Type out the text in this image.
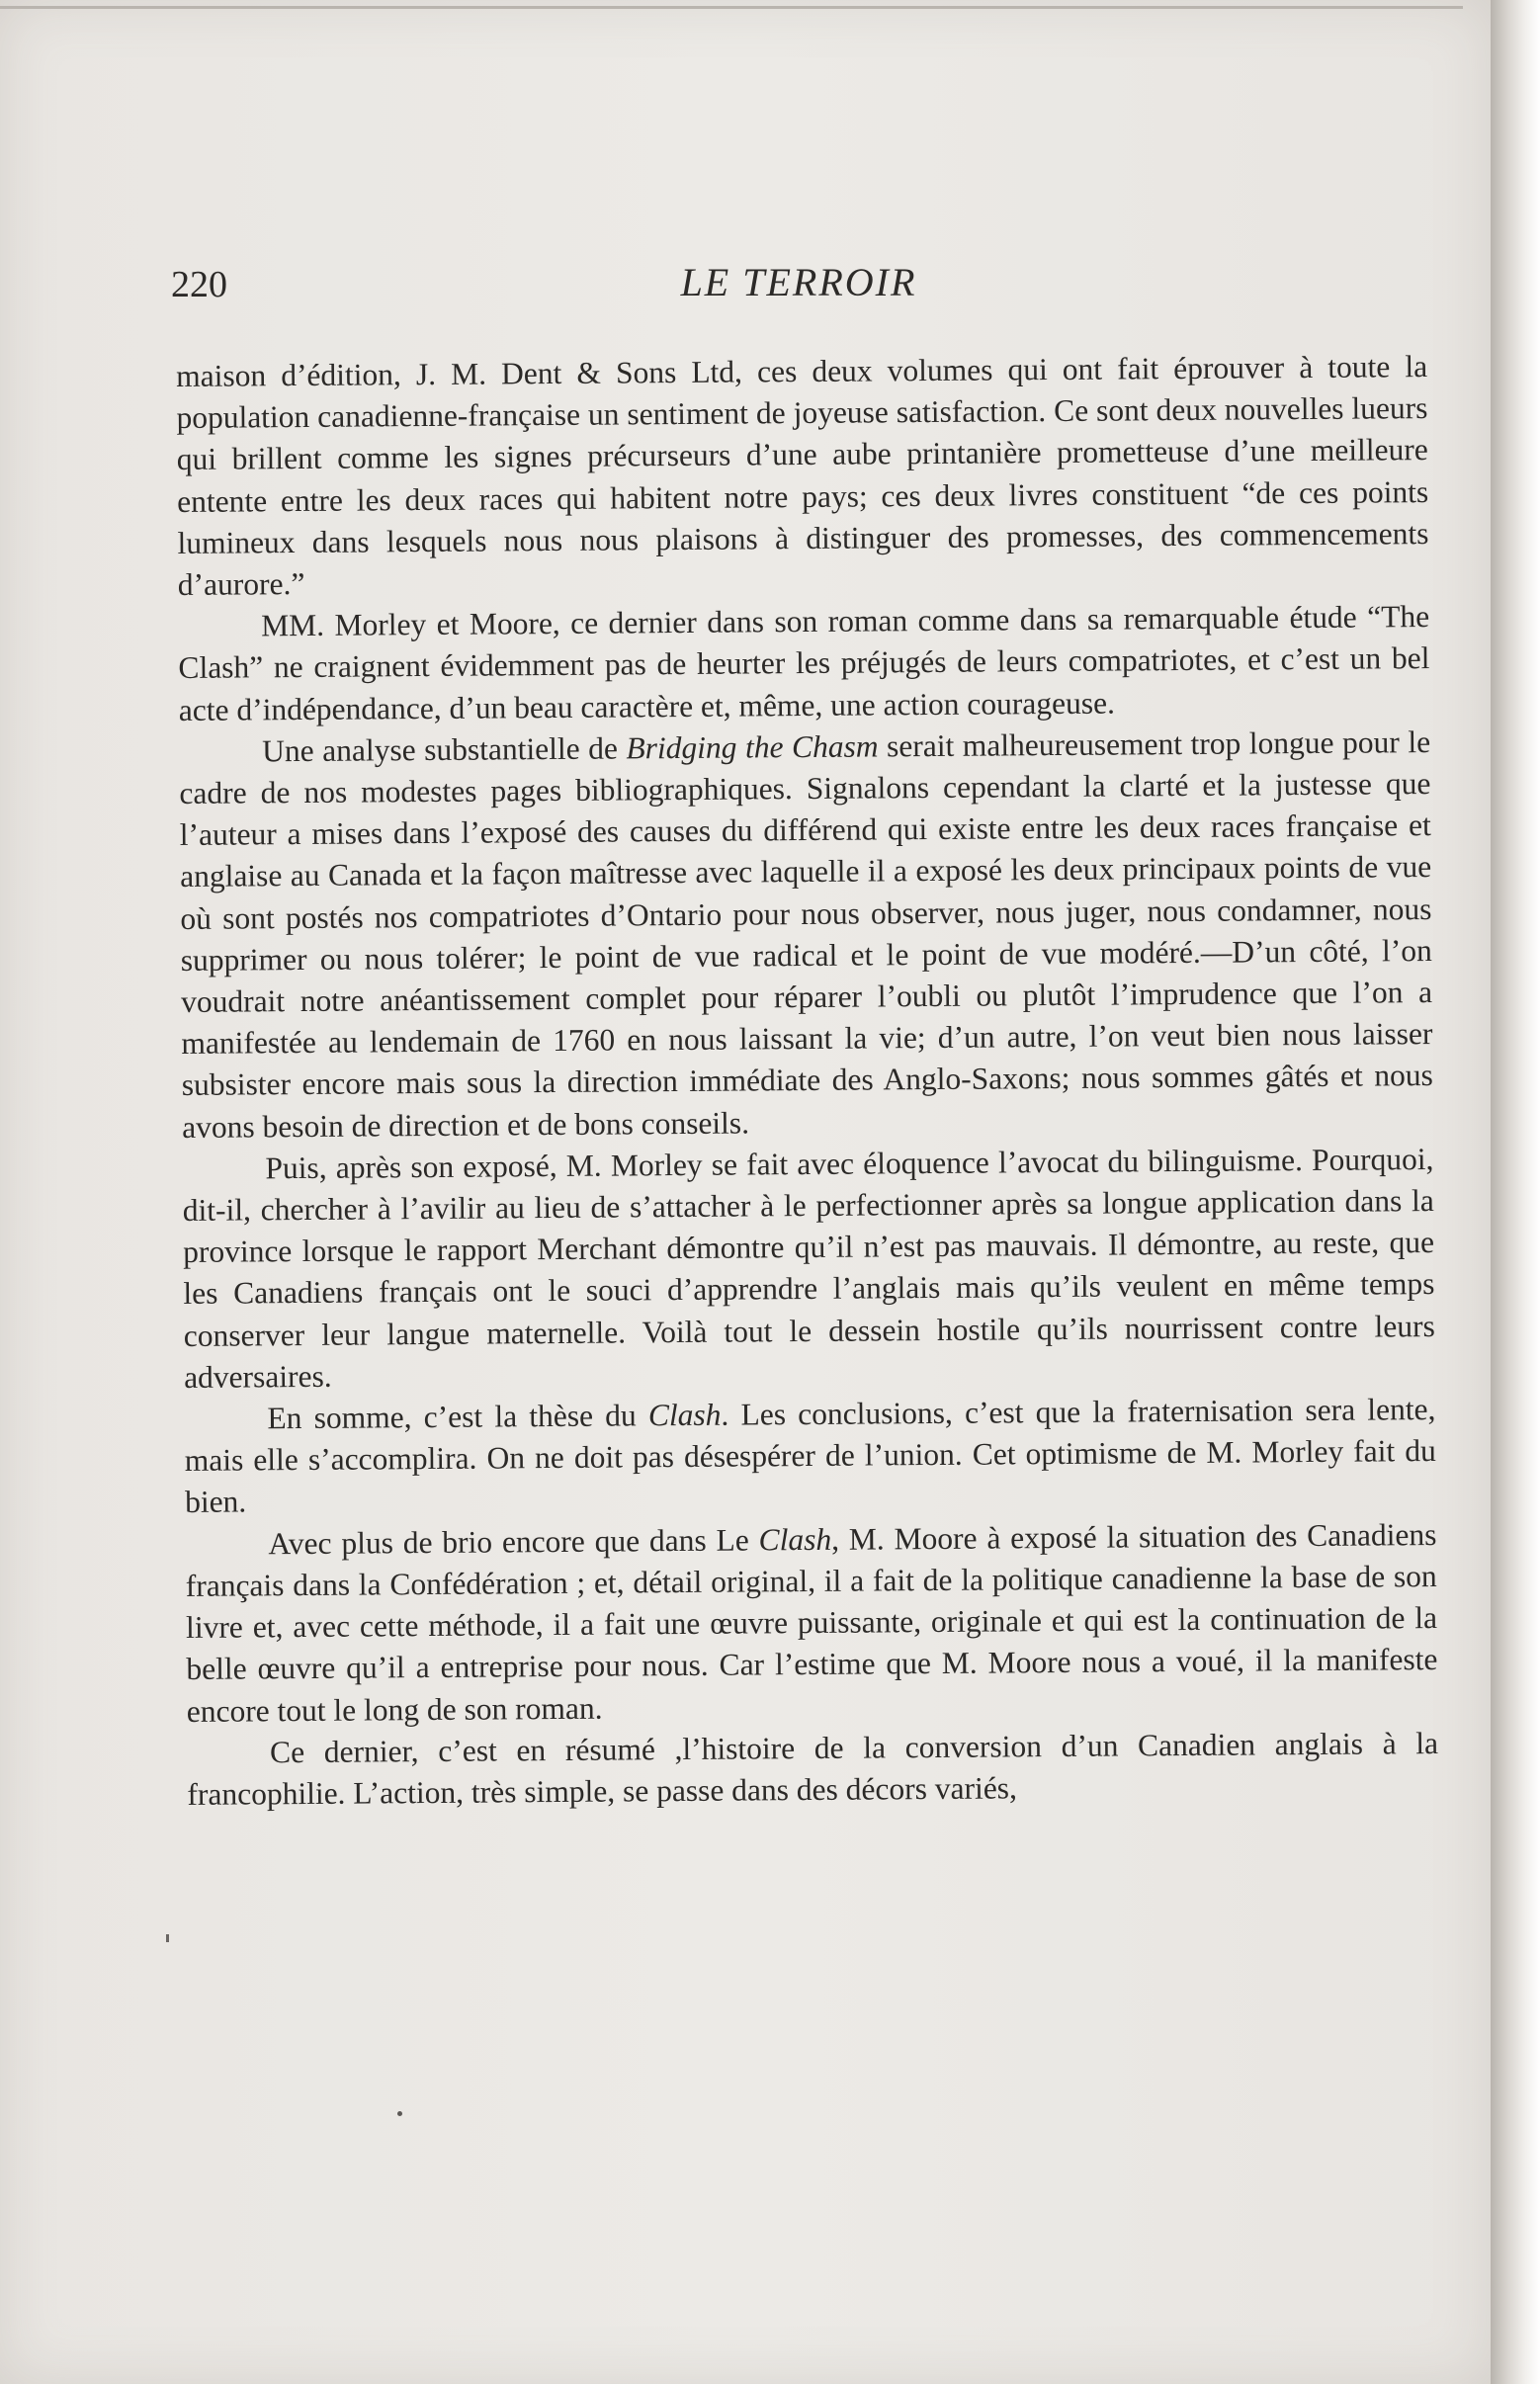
220	LE TERROIR

maison d’édition, J. M. Dent & Sons Ltd, ces deux volumes qui ont fait éprouver à toute la population canadienne-française un sentiment de joyeuse satisfaction. Ce sont deux nouvelles lueurs qui brillent comme les signes précurseurs d’une aube printanière prometteuse d’une meilleure entente entre les deux races qui habitent notre pays; ces deux livres constituent “de ces points lumineux dans lesquels nous nous plaisons à distinguer des promesses, des commencements d’aurore.”

MM. Morley et Moore, ce dernier dans son roman comme dans sa remarquable étude “The Clash” ne craignent évidemment pas de heurter les préjugés de leurs compatriotes, et c’est un bel acte d’indépendance, d’un beau caractère et, même, une action courageuse.

Une analyse substantielle de Bridging the Chasm serait malheureusement trop longue pour le cadre de nos modestes pages bibliographiques. Signalons cependant la clarté et la justesse que l’auteur a mises dans l’exposé des causes du différend qui existe entre les deux races française et anglaise au Canada et la façon maîtresse avec laquelle il a exposé les deux principaux points de vue où sont postés nos compatriotes d’Ontario pour nous observer, nous juger, nous condamner, nous supprimer ou nous tolérer; le point de vue radical et le point de vue modéré.—D’un côté, l’on voudrait notre anéantissement complet pour réparer l’oubli ou plutôt l’imprudence que l’on a manifestée au lendemain de 1760 en nous laissant la vie; d’un autre, l’on veut bien nous laisser subsister encore mais sous la direction immédiate des Anglo-Saxons; nous sommes gâtés et nous avons besoin de direction et de bons conseils.

Puis, après son exposé, M. Morley se fait avec éloquence l’avocat du bilinguisme. Pourquoi, dit-il, chercher à l’avilir au lieu de s’attacher à le perfectionner après sa longue application dans la province lorsque le rapport Merchant démontre qu’il n’est pas mauvais. Il démontre, au reste, que les Canadiens français ont le souci d’apprendre l’anglais mais qu’ils veulent en même temps conserver leur langue maternelle. Voilà tout le dessein hostile qu’ils nourrissent contre leurs adversaires.

En somme, c’est la thèse du Clash. Les conclusions, c’est que la fraternisation sera lente, mais elle s’accomplira. On ne doit pas désespérer de l’union. Cet optimisme de M. Morley fait du bien.

Avec plus de brio encore que dans Le Clash, M. Moore à exposé la situation des Canadiens français dans la Confédération ; et, détail original, il a fait de la politique canadienne la base de son livre et, avec cette méthode, il a fait une œuvre puissante, originale et qui est la continuation de la belle œuvre qu’il a entreprise pour nous. Car l’estime que M. Moore nous a voué, il la manifeste encore tout le long de son roman.

Ce dernier, c’est en résumé ,l’histoire de la conversion d’un Canadien anglais à la francophilie. L’action, très simple, se passe dans des décors variés,
